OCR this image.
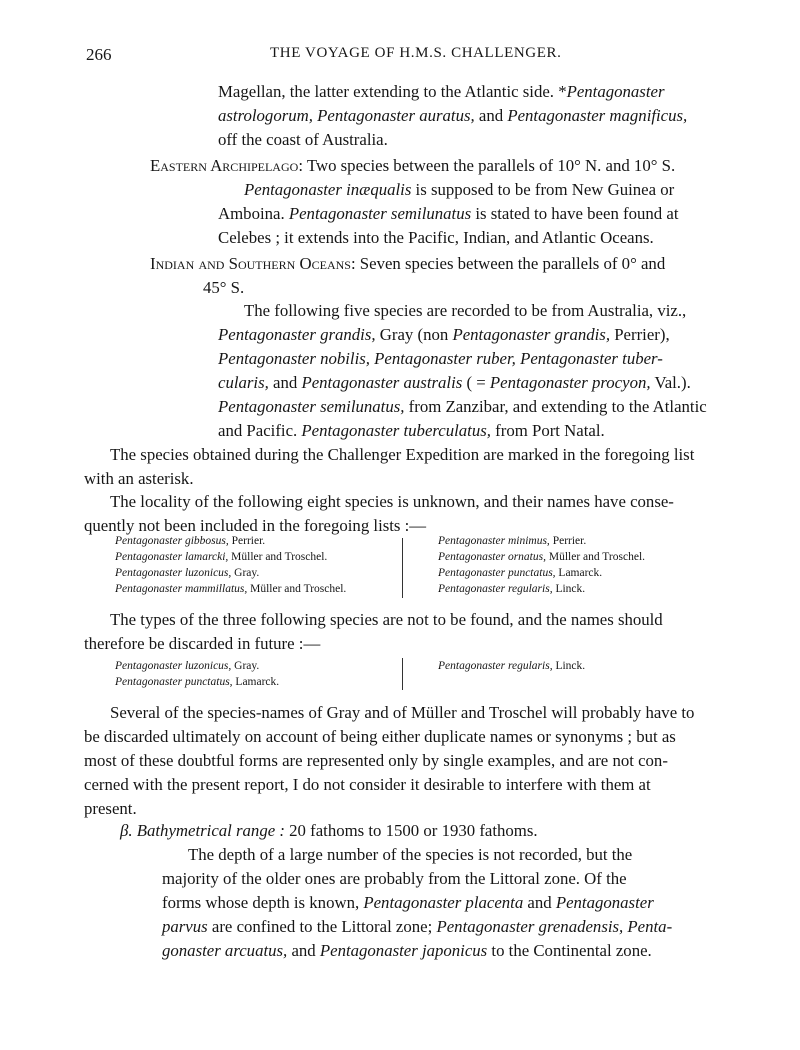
266	THE VOYAGE OF H.M.S. CHALLENGER.
Magellan, the latter extending to the Atlantic side. *Pentagonaster
astrologorum, Pentagonaster auratus, and Pentagonaster magnificus,
off the coast of Australia.
Eastern Archipelago: Two species between the parallels of 10° N. and 10° S.
Pentagonaster inæqualis is supposed to be from New Guinea or
Amboina. Pentagonaster semilunatus is stated to have been found at
Celebes ; it extends into the Pacific, Indian, and Atlantic Oceans.
Indian and Southern Oceans: Seven species between the parallels of 0° and
45° S.
The following five species are recorded to be from Australia, viz.,
Pentagonaster grandis, Gray (non Pentagonaster grandis, Perrier),
Pentagonaster nobilis, Pentagonaster ruber, Pentagonaster tuber-
cularis, and Pentagonaster australis ( = Pentagonaster procyon, Val.).
Pentagonaster semilunatus, from Zanzibar, and extending to the Atlantic
and Pacific. Pentagonaster tuberculatus, from Port Natal.
The species obtained during the Challenger Expedition are marked in the foregoing list
with an asterisk.
The locality of the following eight species is unknown, and their names have conse-
quently not been included in the foregoing lists :—
Pentagonaster gibbosus, Perrier.
Pentagonaster lamarcki, Müller and Troschel.
Pentagonaster luzonicus, Gray.
Pentagonaster mammillatus, Müller and Troschel.
Pentagonaster minimus, Perrier.
Pentagonaster ornatus, Müller and Troschel.
Pentagonaster punctatus, Lamarck.
Pentagonaster regularis, Linck.
The types of the three following species are not to be found, and the names should
therefore be discarded in future :—
Pentagonaster luzonicus, Gray.
Pentagonaster punctatus, Lamarck.
Pentagonaster regularis, Linck.
Several of the species-names of Gray and of Müller and Troschel will probably have to
be discarded ultimately on account of being either duplicate names or synonyms ; but as
most of these doubtful forms are represented only by single examples, and are not con-
cerned with the present report, I do not consider it desirable to interfere with them at
present.
β. Bathymetrical range : 20 fathoms to 1500 or 1930 fathoms.
The depth of a large number of the species is not recorded, but the
majority of the older ones are probably from the Littoral zone. Of the
forms whose depth is known, Pentagonaster placenta and Pentagonaster
parvus are confined to the Littoral zone; Pentagonaster grenadensis, Penta-
gonaster arcuatus, and Pentagonaster japonicus to the Continental zone.
